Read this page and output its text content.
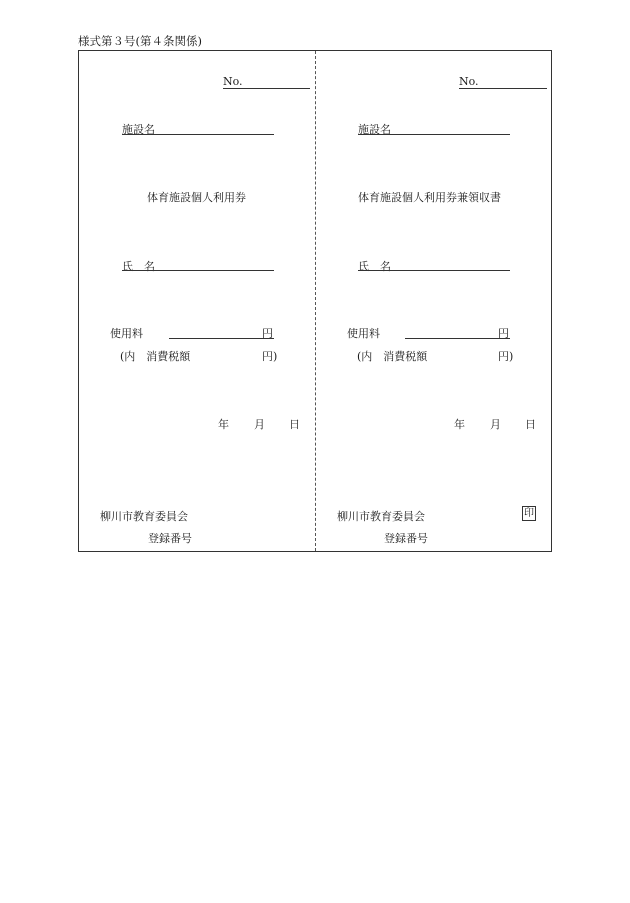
様式第３号(第４条関係)
No.
施設名
体育施設個人利用券
氏　名
使用料	円
(内　消費税額	円)
年 月 日
柳川市教育委員会
登録番号
No.
施設名
体育施設個人利用券兼領収書
氏　名
使用料	円
(内　消費税額	円)
年 月 日
柳川市教育委員会	印
登録番号
